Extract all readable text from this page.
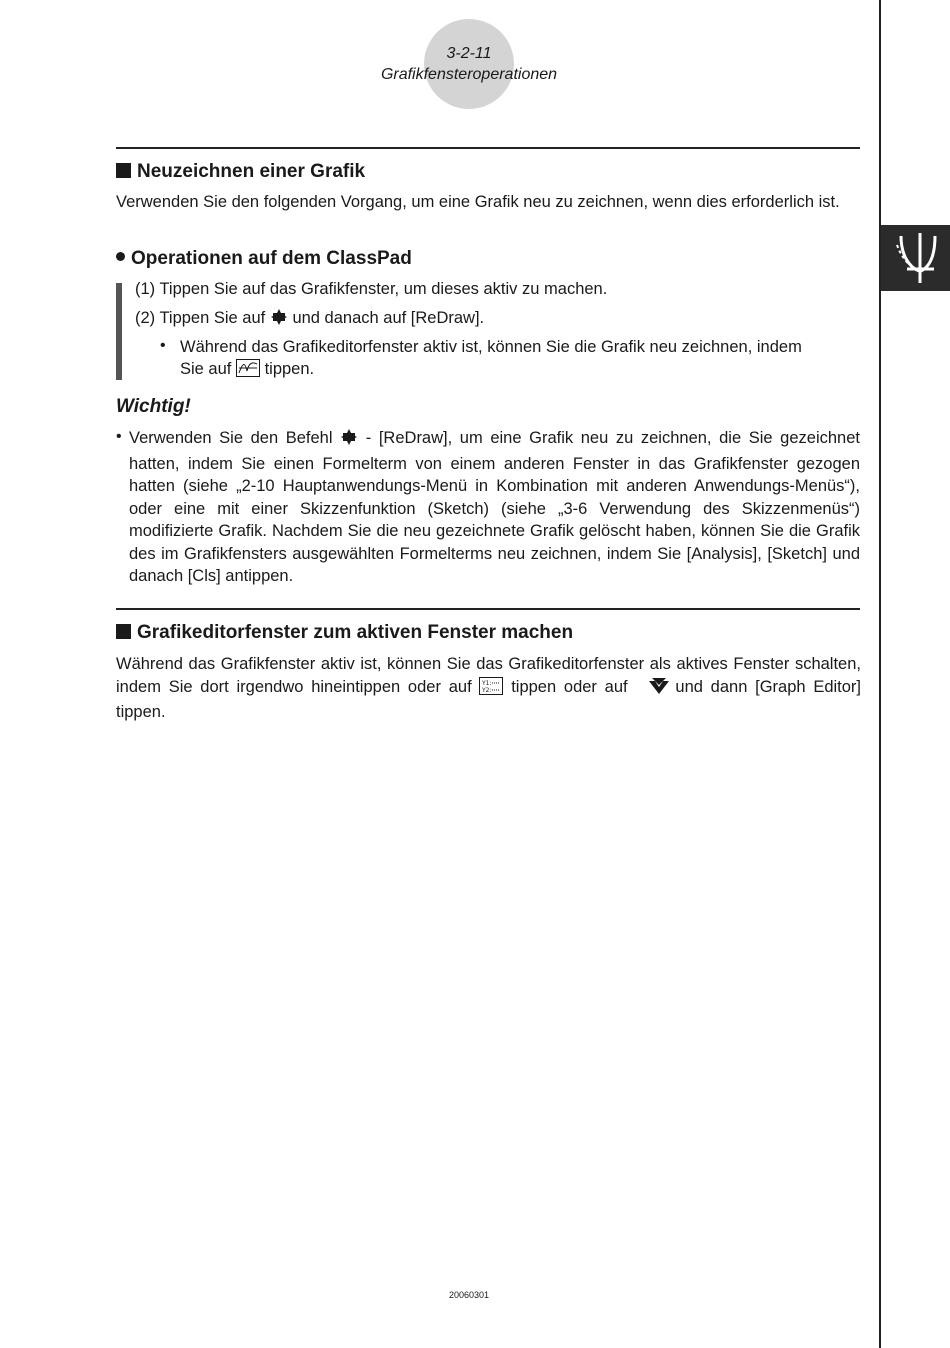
3-2-11
Grafikfensteroperationen
Neuzeichnen einer Grafik
Verwenden Sie den folgenden Vorgang, um eine Grafik neu zu zeichnen, wenn dies erforderlich ist.
Operationen auf dem ClassPad
(1) Tippen Sie auf das Grafikfenster, um dieses aktiv zu machen.
(2) Tippen Sie auf und danach auf [ReDraw].
• Während das Grafikeditorfenster aktiv ist, können Sie die Grafik neu zeichnen, indem
Sie auf tippen.
Wichtig!
• Verwenden Sie den Befehl - [ReDraw], um eine Grafik neu zu zeichnen, die Sie gezeichnet hatten, indem Sie einen Formelterm von einem anderen Fenster in das Grafikfenster gezogen hatten (siehe „2-10 Hauptanwendungs-Menü in Kombination mit anderen Anwendungs-Menüs“), oder eine mit einer Skizzenfunktion (Sketch) (siehe „3-6 Verwendung des Skizzenmenüs“) modifizierte Grafik. Nachdem Sie die neu gezeichnete Grafik gelöscht haben, können Sie die Grafik des im Grafikfensters ausgewählten Formelterms neu zeichnen, indem Sie [Analysis], [Sketch] und danach [Cls] antippen.
Grafikeditorfenster zum aktiven Fenster machen
Während das Grafikfenster aktiv ist, können Sie das Grafikeditorfenster als aktives Fenster schalten, indem Sie dort irgendwo hineintippen oder auf Y1:
Y2: tippen oder auf	und dann [Graph Editor] tippen.
20060301
